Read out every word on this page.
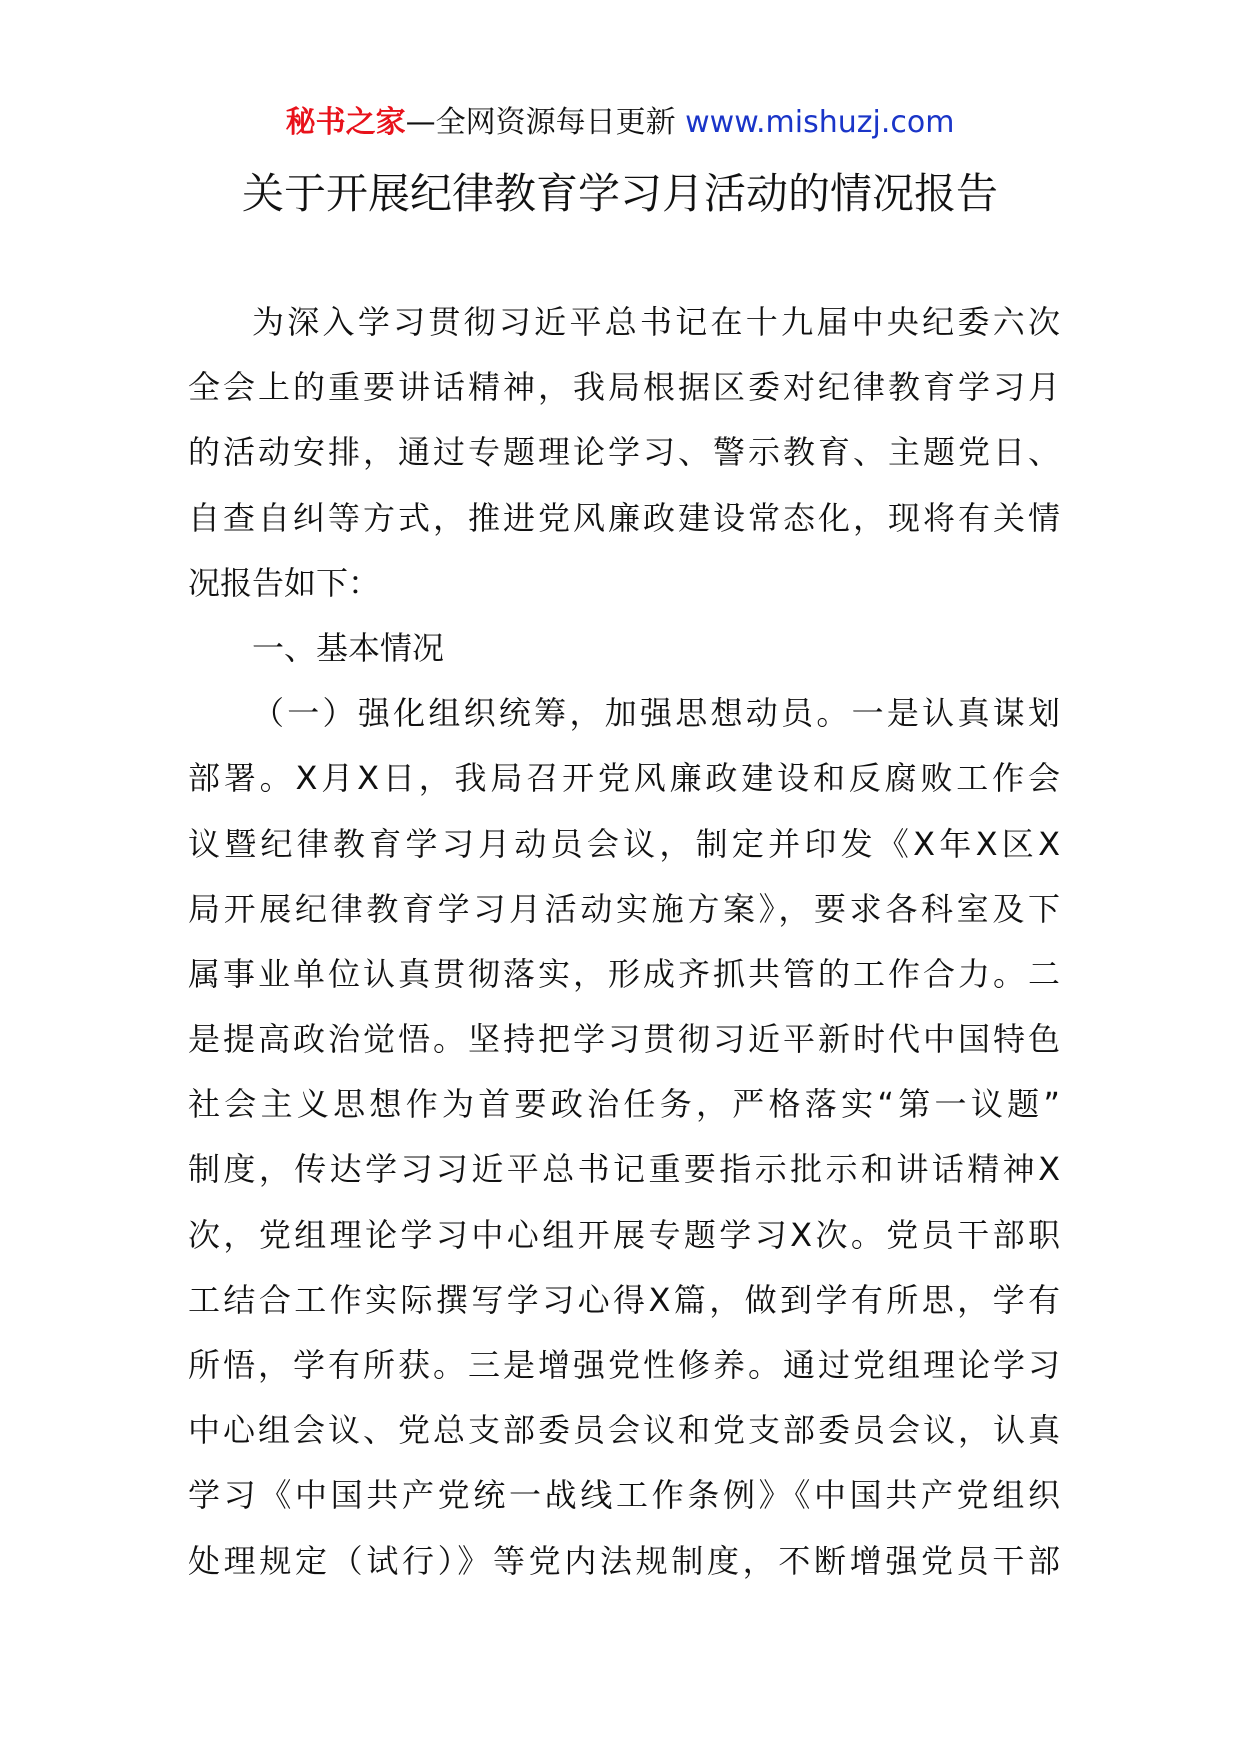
秘书之家—全网资源每日更新 www.mishuzj.com
关于开展纪律教育学习月活动的情况报告
为深入学习贯彻习近平总书记在十九届中央纪委六次
全会上的重要讲话精神，我局根据区委对纪律教育学习月
的活动安排，通过专题理论学习、警示教育、主题党日、
自查自纠等方式，推进党风廉政建设常态化，现将有关情
况报告如下：
一、基本情况
（一）强化组织统筹，加强思想动员。一是认真谋划
部署。X月X日，我局召开党风廉政建设和反腐败工作会
议暨纪律教育学习月动员会议，制定并印发《X年X区X
局开展纪律教育学习月活动实施方案》，要求各科室及下
属事业单位认真贯彻落实，形成齐抓共管的工作合力。二
是提高政治觉悟。坚持把学习贯彻习近平新时代中国特色
社会主义思想作为首要政治任务，严格落实“第一议题”
制度，传达学习习近平总书记重要指示批示和讲话精神X
次，党组理论学习中心组开展专题学习X次。党员干部职
工结合工作实际撰写学习心得X篇，做到学有所思，学有
所悟，学有所获。三是增强党性修养。通过党组理论学习
中心组会议、党总支部委员会议和党支部委员会议，认真
学习《中国共产党统一战线工作条例》《中国共产党组织
处理规定（试行）》等党内法规制度，不断增强党员干部
